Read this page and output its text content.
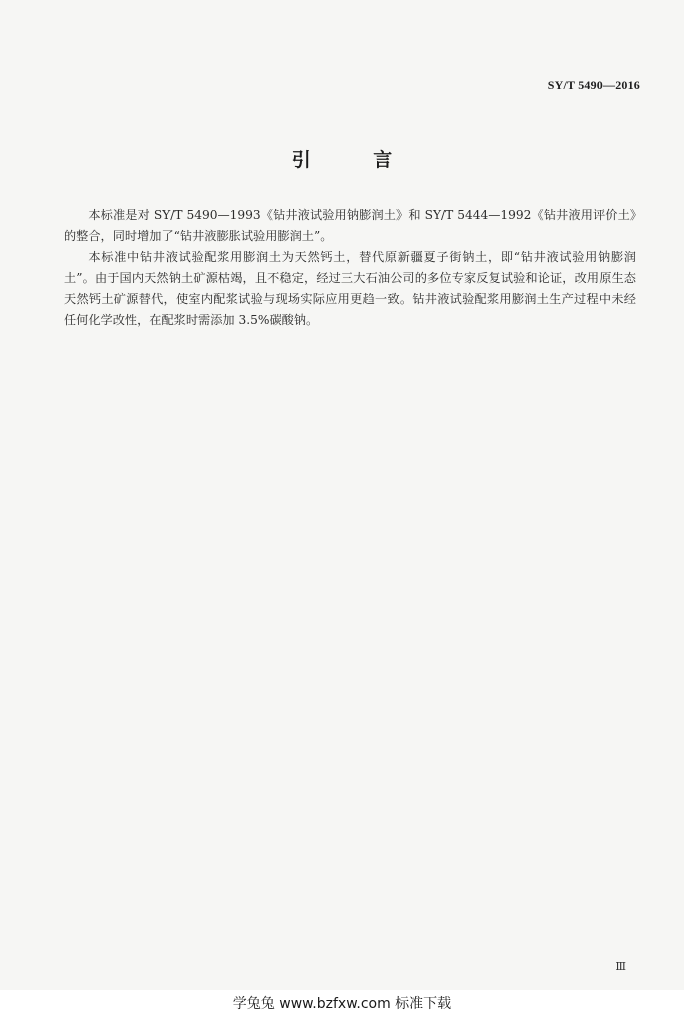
SY/T 5490—2016
引 言

本标准是对 SY/T 5490—1993《钻井液试验用钠膨润土》和 SY/T 5444—1992《钻井液用评价土》的整合，同时增加了“钻井液膨胀试验用膨润土”。

本标准中钻井液试验配浆用膨润土为天然钙土，替代原新疆夏子街钠土，即“钻井液试验用钠膨润土”。由于国内天然钠土矿源枯竭，且不稳定，经过三大石油公司的多位专家反复试验和论证，改用原生态天然钙土矿源替代，使室内配浆试验与现场实际应用更趋一致。钻井液试验配浆用膨润土生产过程中未经任何化学改性，在配浆时需添加 3.5%碳酸钠。

Ⅲ
学兔兔 www.bzfxw.com 标准下载
